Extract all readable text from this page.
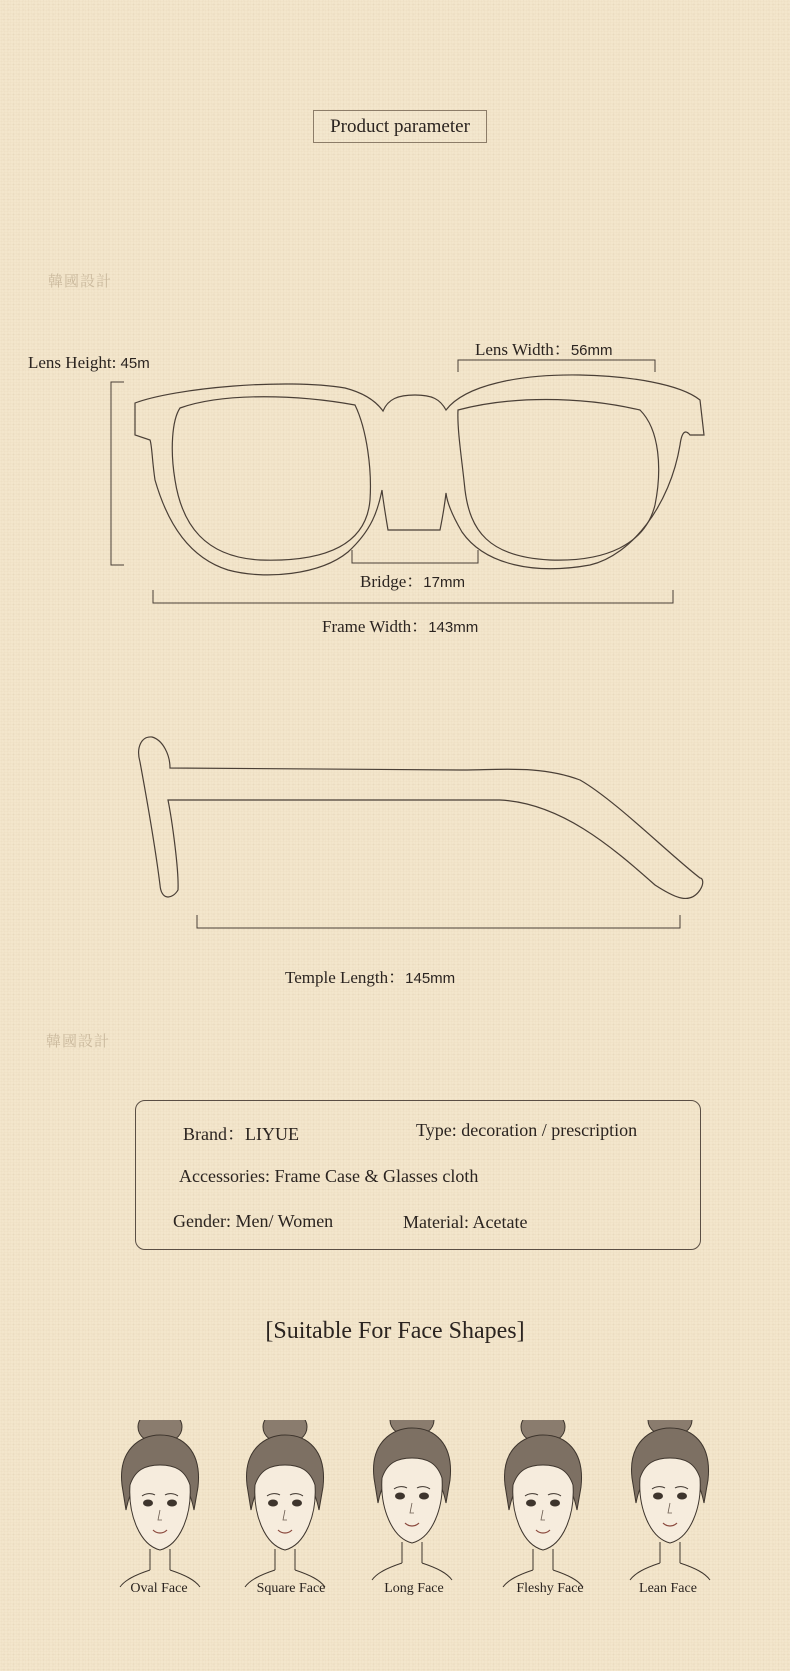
Product parameter
韓國設計
韓國設計
Lens Height: 45m
Lens Width：56mm
Bridge：17mm
Frame Width：143mm
Temple Length：145mm
Brand：LIYUE	Type: decoration / prescription
Accessories: Frame Case & Glasses cloth
Gender: Men/ Women	Material: Acetate
[Suitable For Face Shapes]
Oval Face	Square Face	Long Face	Fleshy Face	Lean Face
